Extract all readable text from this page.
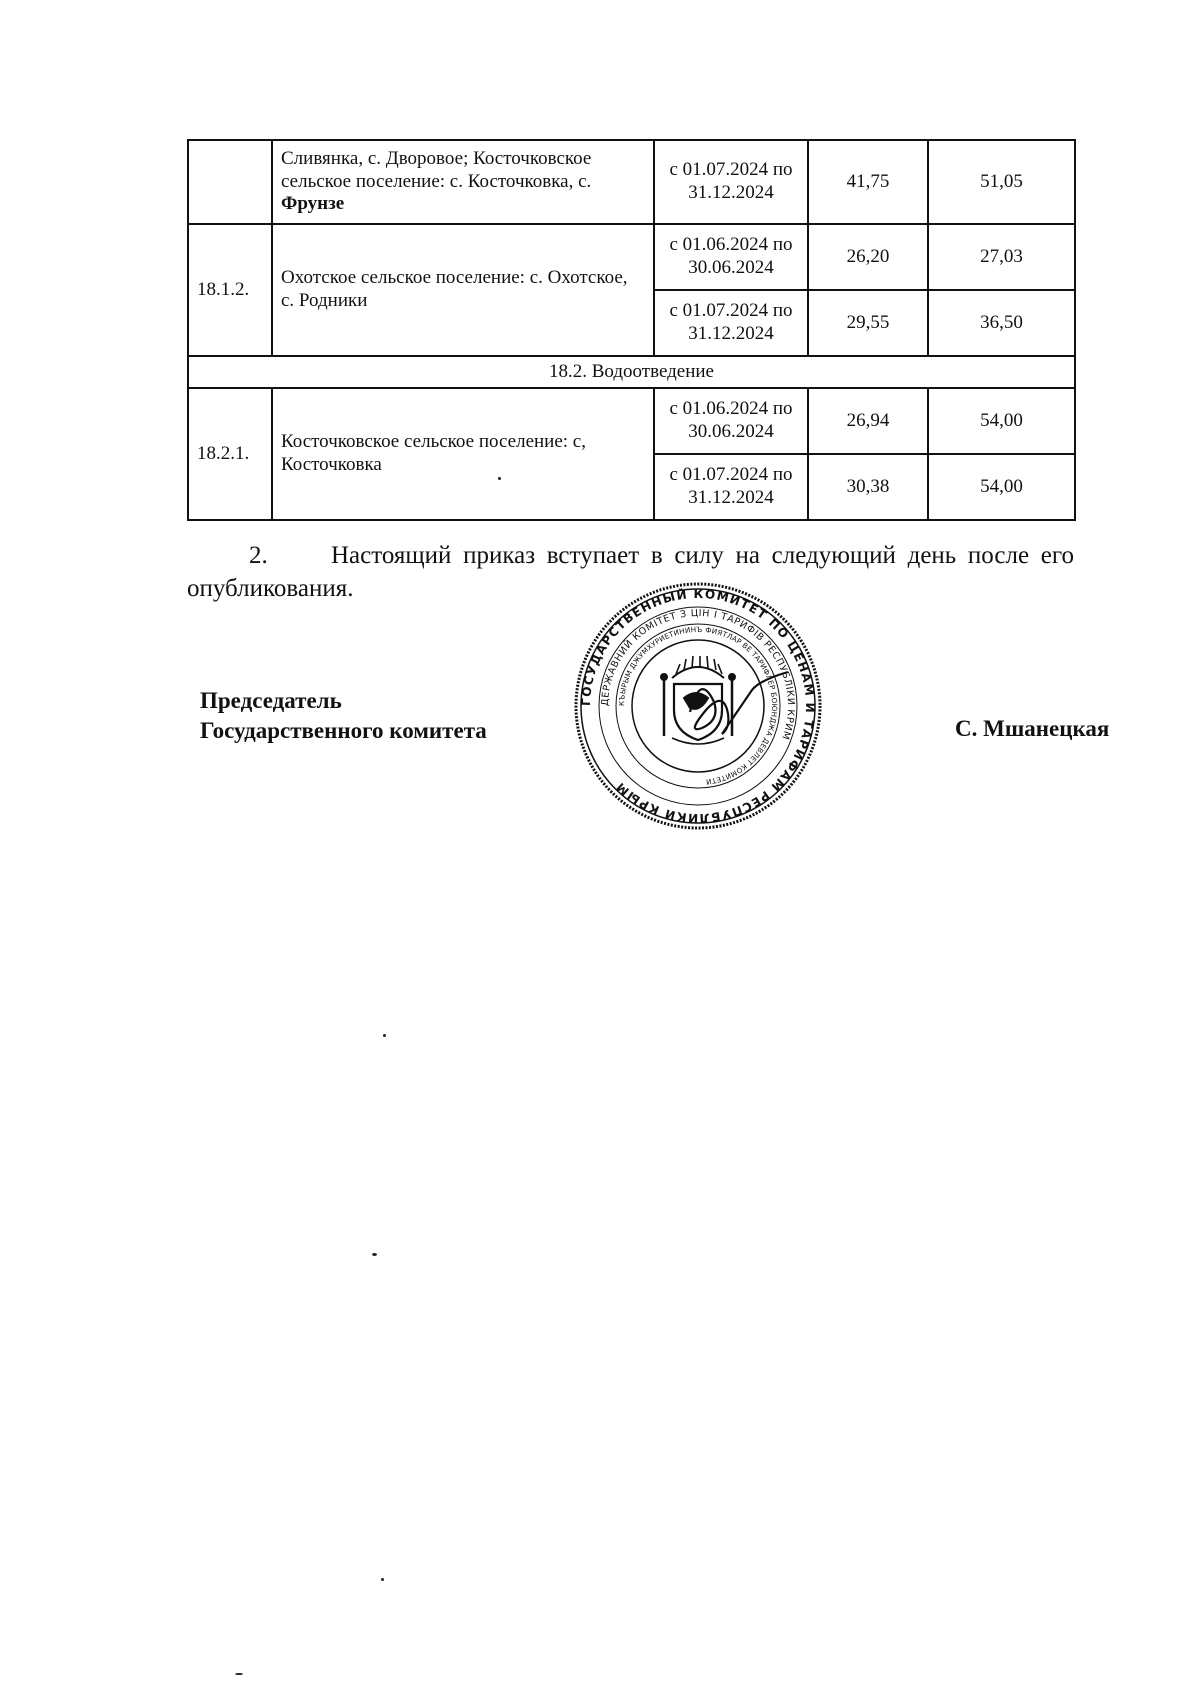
	Сливянка, с. Дворовое; Косточковское сельское поселение: с. Косточковка, с.
Фрунзе	с 01.07.2024 по 31.12.2024	41,75	51,05
18.1.2.	Охотское сельское поселение: с. Охотское, с. Родники	с 01.06.2024 по 30.06.2024	26,20	27,03
		с 01.07.2024 по 31.12.2024	29,55	36,50
18.2. Водоотведение				
18.2.1.	Косточковское сельское поселение: с, Косточковка	с 01.06.2024 по 30.06.2024	26,94	54,00
		с 01.07.2024 по 31.12.2024	30,38	54,00
2.	Настоящий приказ вступает в силу на следующий день после его опубликования.
Председатель
Государственного комитета
ГОСУДАРСТВЕННЫЙ КОМИТЕТ ПО ЦЕНАМ И ТАРИФАМ РЕСПУБЛИКИ КРЫМ
ДЕРЖАВНИЙ КОМІТЕТ З ЦІН І ТАРИФІВ РЕСПУБЛІКИ КРИМ
КЪЫРЫМ ДЖУМХУРИЕТИНИНЪ ФИЯТЛАР ВЕ ТАРИФЛЕР БОЮНДЖА ДЕВЛЕТ КОМИТЕТИ
С. Мшанецкая
